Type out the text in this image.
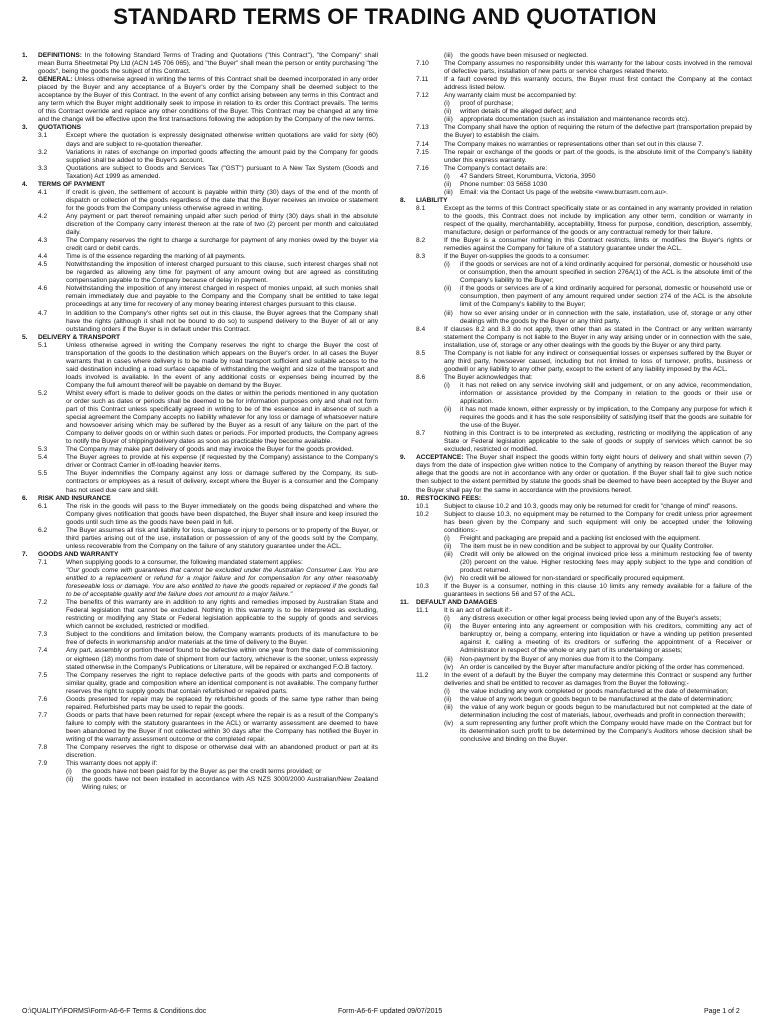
STANDARD TERMS OF TRADING AND QUOTATION
1. DEFINITIONS: In the following Standard Terms of Trading and Quotations ("this Contract"), "the Company" shall mean Burra Sheetmetal Pty Ltd (ACN 145 706 065), and "the Buyer" shall mean the person or entity purchasing "the goods", being the goods the subject of this Contract.
2. GENERAL: Unless otherwise agreed in writing the terms of this Contract shall be deemed incorporated in any order placed by the Buyer and any acceptance of a Buyer's order by the Company shall be deemed subject to the acceptance by the Buyer of this Contract. In the event of any conflict arising between any terms in this Contract and any term which the Buyer might additionally seek to impose in relation to its order this Contract prevails. The terms of this Contract override and replace any other conditions of the Buyer. This Contract may be changed at any time and the change will be effective upon the first transactions following the adoption by the Company of the new terms.
3. QUOTATIONS
3.1	Except where the quotation is expressly designated otherwise written quotations are valid for sixty (60) days and are subject to re-quotation thereafter.
3.2	Variations in rates of exchange on imported goods affecting the amount paid by the Company for goods supplied shall be added to the Buyer's account.
3.3	Quotations are subject to Goods and Services Tax ("GST") pursuant to A New Tax System (Goods and Taxation) Act 1999 as amended.
4. TERMS OF PAYMENT
4.1	If credit is given, the settlement of account is payable within thirty (30) days of the end of the month of dispatch or collection of the goods regardless of the date that the Buyer receives an invoice or statement for the goods from the Company unless otherwise agreed in writing.
4.2	Any payment or part thereof remaining unpaid after such period of thirty (30) days shall in the absolute discretion of the Company carry interest thereon at the rate of two (2) percent per month and calculated daily.
4.3	The Company reserves the right to charge a surcharge for payment of any monies owed by the buyer via credit card or debit cards.
4.4	Time is of the essence regarding the marking of all payments.
4.5	Notwithstanding the imposition of interest charged pursuant to this clause, such interest charges shall not be regarded as allowing any time for payment of any amount owing but are agreed as constituting compensation payable to the Company because of delay in payment.
4.6	Notwithstanding the imposition of any interest charged in respect of monies unpaid, all such monies shall remain immediately due and payable to the Company and the Company shall be entitled to take legal proceedings at any time for recovery of any money bearing interest charges pursuant to this clause.
4.7	In addition to the Company's other rights set out in this clause, the Buyer agrees that the Company shall have the rights (although it shall not be bound to do so) to suspend delivery to the Buyer of all or any outstanding orders if the Buyer is in default under this Contract.
5. DELIVERY & TRANSPORT
5.1	Unless otherwise agreed in writing the Company reserves the right to charge the Buyer the cost of transportation of the goods to the destination which appears on the Buyer's order. In all cases the Buyer warrants that in cases where delivery is to be made by road transport sufficient and suitable access to the said destination including a road surface capable of withstanding the weight and size of the transport and loads involved is available. In the event of any additional costs or expenses being incurred by the Company the full amount thereof will be payable on demand by the Buyer.
5.2	Whilst every effort is made to deliver goods on the dates or within the periods mentioned in any quotation or order such as dates or periods shall be deemed to be for information purposes only and shall not form part of this Contract unless specifically agreed in writing to be of the essence and in absence of such a special agreement the Company accepts no liability whatever for any loss or damage of whatsoever nature and howsoever arising which may be suffered by the Buyer as a result of any failure on the part of the Company to deliver goods on or within such dates or periods. For imported products, the Company agrees to notify the Buyer of shipping/delivery dates as soon as practicable they become available.
5.3	The Company may make part delivery of goods and may invoice the Buyer for the goods provided.
5.4	The Buyer agrees to provide at his expense (if requested by the Company) assistance to the Company's driver or Contract Carrier in off-loading heavier items.
5.5	The Buyer indemnifies the Company against any loss or damage suffered by the Company, its sub-contractors or employees as a result of delivery, except where the Buyer is a consumer and the Company has not used due care and skill.
6. RISK AND INSURANCE
6.1	The risk in the goods will pass to the Buyer immediately on the goods being dispatched and where the Company gives notification that goods have been dispatched, the Buyer shall insure and keep insured the goods until such time as the goods have been paid in full.
6.2	The Buyer assumes all risk and liability for loss, damage or injury to persons or to property of the Buyer, or third parties arising out of the use, installation or possession of any of the goods sold by the Company, unless recoverable from the Company on the failure of any statutory guarantee under the ACL.
7. GOODS AND WARRANTY
7.1	When supplying goods to a consumer, the following mandated statement applies:
"Our goods come with guarantees that cannot be excluded under the Australian Consumer Law. You are entitled to a replacement or refund for a major failure and for compensation for any other reasonably foreseeable loss or damage. You are also entitled to have the goods repaired or replaced if the goods fail to be of acceptable quality and the failure does not amount to a major failure."
7.2	The benefits of this warranty are in addition to any rights and remedies imposed by Australian State and Federal legislation that cannot be excluded. Nothing in this warranty is to be interpreted as excluding, restricting or modifying any State or Federal legislation applicable to the supply of goods and services which cannot be excluded, restricted or modified.
7.3	Subject to the conditions and limitation below, the Company warrants products of its manufacture to be free of defects in workmanship and/or materials at the time of delivery to the Buyer.
7.4	Any part, assembly or portion thereof found to be defective within one year from the date of commissioning or eighteen (18) months from date of shipment from our factory, whichever is the sooner, unless expressly stated otherwise in the Company's Publications or Literature, will be repaired or exchanged F.O.B factory.
7.5	The Company reserves the right to replace defective parts of the goods with parts and components of similar quality, grade and composition where an identical component is not available. The company further reserves the right to supply goods that contain refurbished or repaired parts.
7.6	Goods presented for repair may be replaced by refurbished goods of the same type rather than being repaired. Refurbished parts may be used to repair the goods.
7.7	Goods or parts that have been returned for repair (except where the repair is as a result of the Company's failure to comply with the statutory guarantees in the ACL) or warranty assessment are deemed to have been abandoned by the Buyer if not collected within 30 days after the Company has notified the Buyer in writing of the warranty assessment outcome or the completed repair.
7.8	The Company reserves the right to dispose or otherwise deal with an abandoned product or part at its discretion.
7.9	This warranty does not apply if:
(i) the goods have not been paid for by the Buyer as per the credit terms provided; or
(ii) the goods have not been installed in accordance with AS NZS 3000/2000 Australian/New Zealand Wiring rules; or
(iii) the goods have been misused or neglected.
7.10 The Company assumes no responsibility under this warranty for the labour costs involved in the removal of defective parts, installation of new parts or service charges related thereto.
7.11 If a fault covered by this warranty occurs, the Buyer must first contact the Company at the contact address listed below.
7.12 Any warranty claim must be accompanied by:
(i) proof of purchase;
(ii) written details of the alleged defect; and
(iii) appropriate documentation (such as installation and maintenance records etc).
7.13 The Company shall have the option of requiring the return of the defective part (transportation prepaid by the Buyer) to establish the claim.
7.14 The Company makes no warranties or representations other than set out in this clause 7.
7.15 The repair or exchange of the goods or part of the goods, is the absolute limit of the Company's liability under this express warranty.
7.16 The Company's contact details are:
(i) 47 Sanders Street, Korumburra, Victoria, 3950
(ii) Phone number: 03 5658 1030
(iii) Email: via the Contact Us page of the website <www.burrasm.com.au>.
8. LIABILITY
8.1	Except as the terms of this Contract specifically state or as contained in any warranty provided in relation to the goods, this Contract does not include by implication any other term, condition or warranty in respect of the quality, merchantability, acceptability, fitness for purpose, condition, description, assembly, manufacture, design or performance of the goods or any contractual remedy for their failure.
8.2	If the Buyer is a consumer nothing in this Contract restricts, limits or modifies the Buyer's rights or remedies against the Company for failure of a statutory guarantee under the ACL.
8.3	If the Buyer on-supplies the goods to a consumer:
(i) if the goods or services are not of a kind ordinarily acquired for personal, domestic or household use or consumption, then the amount specified in section 276A(1) of the ACL is the absolute limit of the Company's liability to the Buyer;
(ii) if the goods or services are of a kind ordinarily acquired for personal, domestic or household use or consumption, then payment of any amount required under section 274 of the ACL is the absolute limit of the Company's liability to the Buyer;
(iii) how so ever arising under or in connection with the sale, installation, use of, storage or any other dealings with the goods by the Buyer or any third party.
8.4	If clauses 8.2 and 8.3 do not apply, then other than as stated in the Contract or any written warranty statement the Company is not liable to the Buyer in any way arising under or in connection with the sale, installation, use of, storage or any other dealings with the goods by the Buyer or any third party.
8.5	The Company is not liable for any indirect or consequential losses or expenses suffered by the Buyer or any third party, howsoever caused, including but not limited to loss of turnover, profits, business or goodwill or any liability to any other party, except to the extent of any liability imposed by the ACL.
8.6	The Buyer acknowledges that:
(i) it has not relied on any service involving skill and judgement, or on any advice, recommendation, information or assistance provided by the Company in relation to the goods or their use or application.
(ii) it has not made known, either expressly or by implication, to the Company any purpose for which it requires the goods and it has the sole responsibility of satisfying itself that the goods are suitable for the use of the Buyer.
8.7	Nothing in this Contract is to be interpreted as excluding, restricting or modifying the application of any State or Federal legislation applicable to the sale of goods or supply of services which cannot be so excluded, restricted or modified.
9. ACCEPTANCE: The Buyer shall inspect the goods within forty eight hours of delivery and shall within seven (7) days from the date of inspection give written notice to the Company of anything by reason thereof the Buyer may allege that the goods are not in accordance with any order or quotation. If the Buyer shall fail to give such notice then subject to the extent permitted by statute the goods shall be deemed to have been accepted by the Buyer and the Buyer shall pay for the same in accordance with the provisions hereof.
10. RESTOCKING FEES:
10.1 Subject to clause 10.2 and 10.3, goods may only be returned for credit for "change of mind" reasons.
10.2 Subject to clause 10.3, no equipment may be returned to the Company for credit unless prior agreement has been given by the Company and such equipment will only be accepted under the following conditions:-
(i) Freight and packaging are prepaid and a packing list enclosed with the equipment.
(ii) The item must be in new condition and be subject to approval by our Quality Controller.
(iii) Credit will only be allowed on the original invoiced price less a minimum restocking fee of twenty (20) percent on the value. Higher restocking fees may apply subject to the type and condition of product returned.
(iv) No credit will be allowed for non-standard or specifically procured equipment.
10.3 If the Buyer is a consumer, nothing in this clause 10 limits any remedy available for a failure of the guarantees in sections 56 and 57 of the ACL.
11. DEFAULT AND DAMAGES
11.1 It is an act of default if:-
(i) any distress execution or other legal process being levied upon any of the Buyer's assets;
(ii) the Buyer entering into any agreement or composition with his creditors, committing any act of bankruptcy or, being a company, entering into liquidation or have a winding up petition presented against it, calling a meeting of its creditors or suffering the appointment of a Receiver or Administrator in respect of the whole or any part of its undertaking or assets;
(iii) Non-payment by the Buyer of any monies due from it to the Company.
(iv) An order is cancelled by the Buyer after manufacture and/or picking of the order has commenced.
11.2 In the event of a default by the Buyer the company may determine this Contract or suspend any further deliveries and shall be entitled to recover as damages from the Buyer the following:-
(i) the value including any work completed or goods manufactured at the date of determination;
(ii) the value of any work begun or goods begun to be manufactured at the date of determination;
(iii) the value of any work begun or goods begun to be manufactured but not completed at the date of determination including the cost of materials, labour, overheads and profit in connection therewith;
(iv) a sum representing any further profit which the Company would have made on the Contract but for its determination such profit to be determined by the Company's Auditors whose decision shall be conclusive and binding on the Buyer.
O:\QUALITY\FORMS\Form-A6-6-F Terms & Conditions.doc	Form-A6-6-F updated 09/07/2015	Page 1 of 2
